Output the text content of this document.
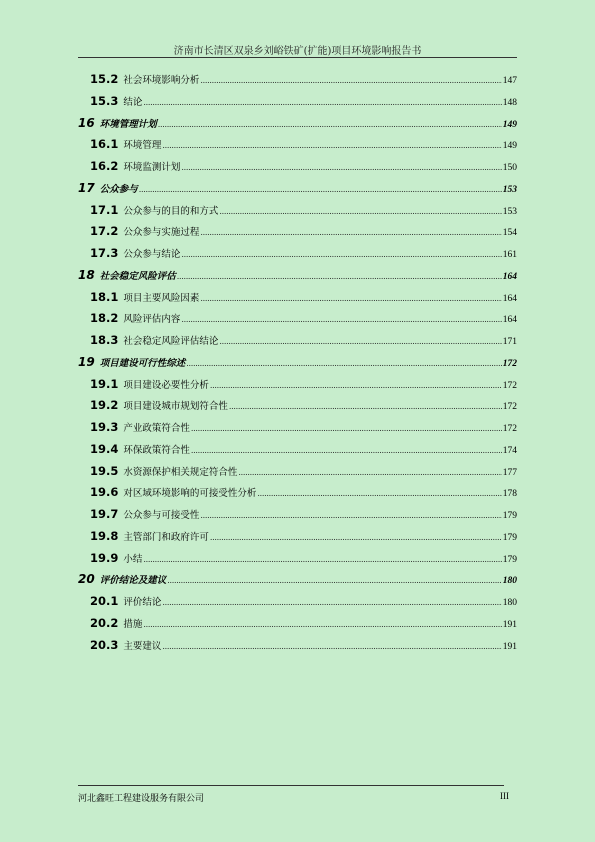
济南市长清区双泉乡刘峪铁矿(扩能)项目环境影响报告书
15.2 社会环境影响分析 .....	147
15.3 结论 .....	148
16 环境管理计划 .....	149
16.1 环境管理 .....	149
16.2 环境监测计划 .....	150
17 公众参与 .....	153
17.1 公众参与的目的和方式 .....	153
17.2 公众参与实施过程 .....	154
17.3 公众参与结论 .....	161
18 社会稳定风险评估 .....	164
18.1 项目主要风险因素 .....	164
18.2 风险评估内容 .....	164
18.3 社会稳定风险评估结论 .....	171
19 项目建设可行性综述 .....	172
19.1 项目建设必要性分析 .....	172
19.2 项目建设城市规划符合性 .....	172
19.3 产业政策符合性 .....	172
19.4 环保政策符合性 .....	174
19.5 水资源保护相关规定符合性 .....	177
19.6 对区域环境影响的可接受性分析 .....	178
19.7 公众参与可接受性 .....	179
19.8 主管部门和政府许可 .....	179
19.9 小结 .....	179
20 评价结论及建议 .....	180
20.1 评价结论 .....	180
20.2 措施 .....	191
20.3 主要建议 .....	191
河北鑫旺工程建设服务有限公司	III
